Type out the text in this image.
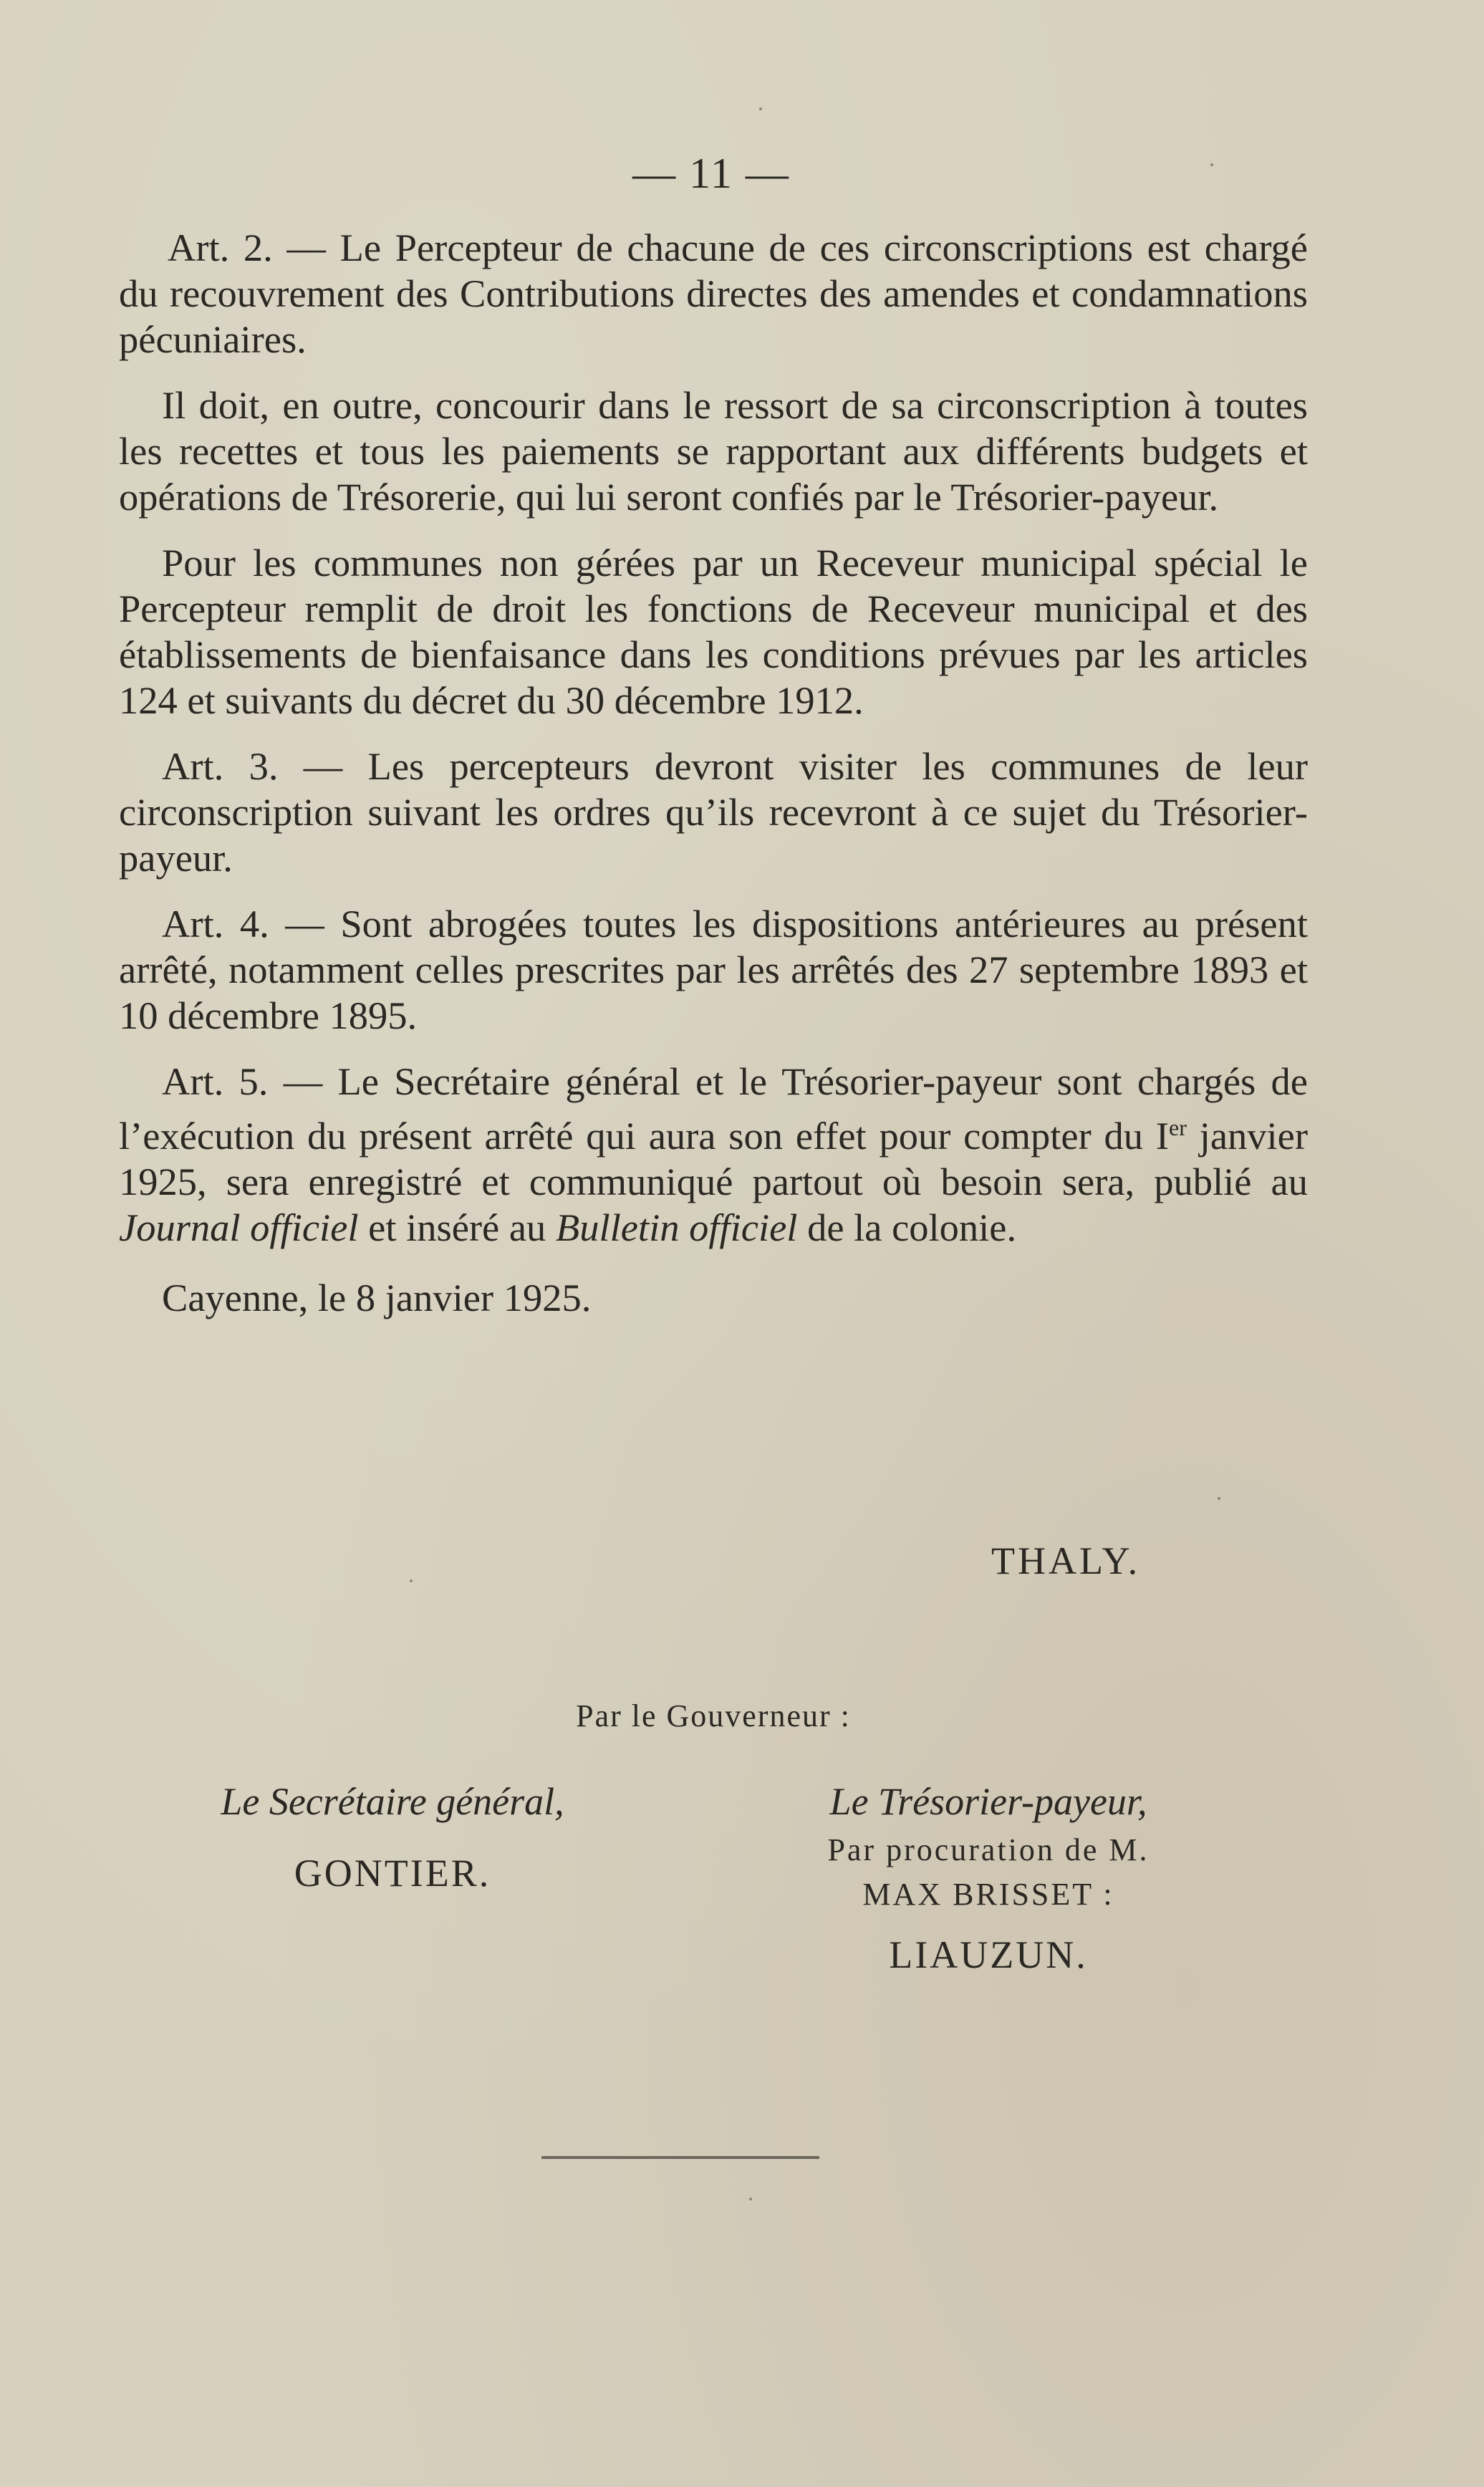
— 11 —

Art. 2. — Le Percepteur de chacune de ces circonscriptions est chargé du recouvrement des Contributions directes des amendes et condamnations pécuniaires.

Il doit, en outre, concourir dans le ressort de sa circonscription à toutes les recettes et tous les paiements se rapportant aux différents budgets et opérations de Trésorerie, qui lui seront confiés par le Trésorier-payeur.

Pour les communes non gérées par un Receveur municipal spécial le Percepteur remplit de droit les fonctions de Receveur municipal et des établissements de bienfaisance dans les conditions prévues par les articles 124 et suivants du décret du 30 décembre 1912.

Art. 3. — Les percepteurs devront visiter les communes de leur circonscription suivant les ordres qu’ils recevront à ce sujet du Trésorier-payeur.

Art. 4. — Sont abrogées toutes les dispositions antérieures au présent arrêté, notamment celles prescrites par les arrêtés des 27 septembre 1893 et 10 décembre 1895.

Art. 5. — Le Secrétaire général et le Trésorier-payeur sont chargés de l’exécution du présent arrêté qui aura son effet pour compter du Ier janvier 1925, sera enregistré et communiqué partout où besoin sera, publié au Journal officiel et inséré au Bulletin officiel de la colonie.

Cayenne, le 8 janvier 1925.

THALY.
Par le Gouverneur :
Le Secrétaire général,
GONTIER.
Le Trésorier-payeur,
Par procuration de M.
MAX BRISSET :
LIAUZUN.
